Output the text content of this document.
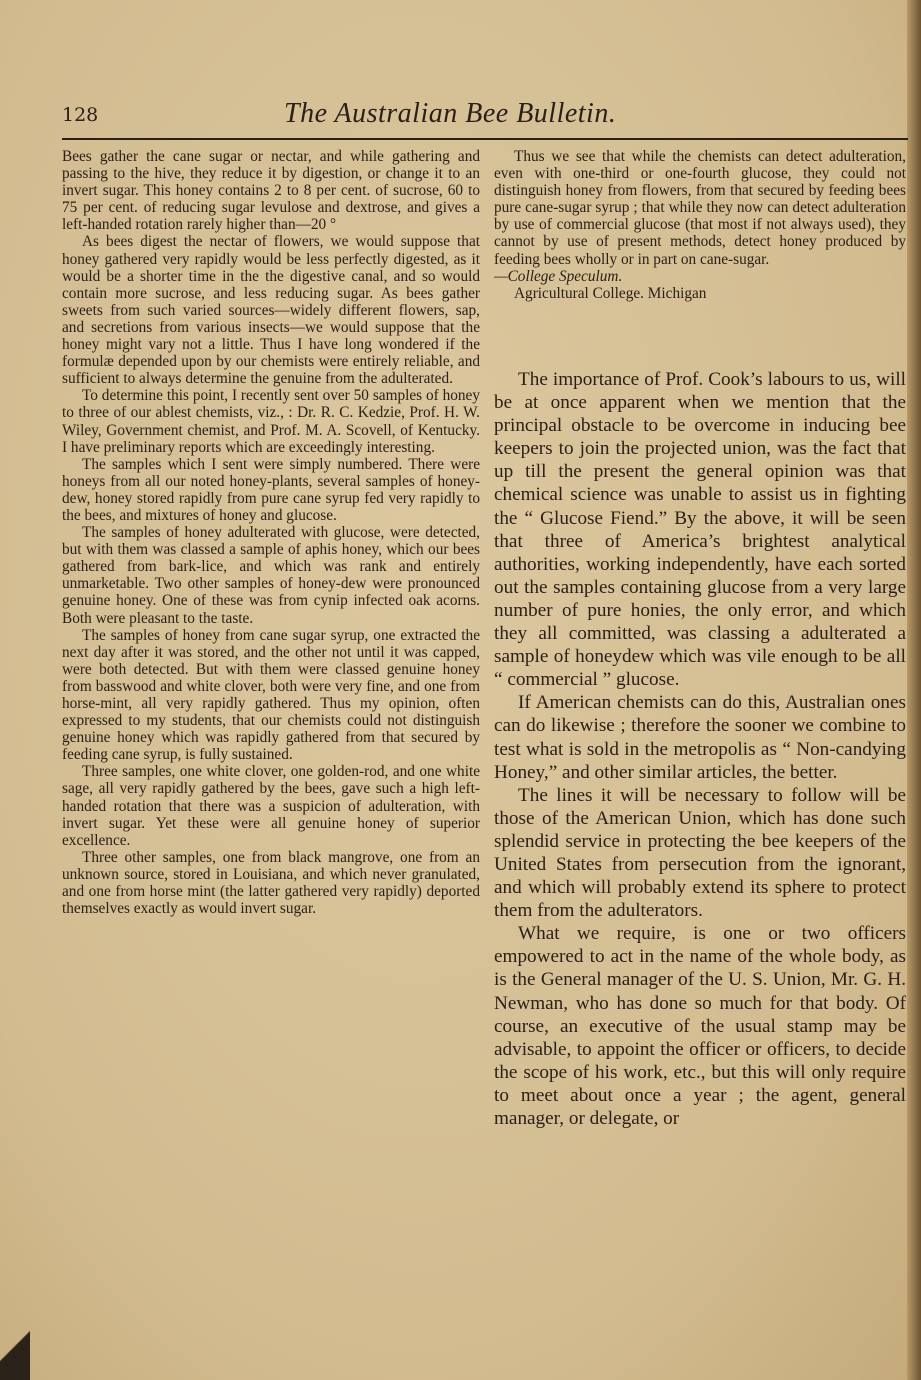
128	The Australian Bee Bulletin.

Bees gather the cane sugar or nectar, and while gathering and passing to the hive, they reduce it by digestion, or change it to an invert sugar. This honey contains 2 to 8 per cent. of sucrose, 60 to 75 per cent. of reducing sugar levulose and dextrose, and gives a left-handed rotation rarely higher than—20 °

As bees digest the nectar of flowers, we would suppose that honey gathered very rapidly would be less perfectly digested, as it would be a shorter time in the the digestive canal, and so would contain more sucrose, and less reducing sugar. As bees gather sweets from such varied sources—widely different flowers, sap, and secretions from various insects—we would suppose that the honey might vary not a little. Thus I have long wondered if the formulæ depended upon by our chemists were entirely reliable, and sufficient to always determine the genuine from the adulterated.

To determine this point, I recently sent over 50 samples of honey to three of our ablest chemists, viz., : Dr. R. C. Kedzie, Prof. H. W. Wiley, Government chemist, and Prof. M. A. Scovell, of Kentucky. I have preliminary reports which are exceedingly interesting.

The samples which I sent were simply numbered. There were honeys from all our noted honey-plants, several samples of honey-dew, honey stored rapidly from pure cane syrup fed very rapidly to the bees, and mixtures of honey and glucose.

The samples of honey adulterated with glucose, were detected, but with them was classed a sample of aphis honey, which our bees gathered from bark-lice, and which was rank and entirely unmarketable. Two other samples of honey-dew were pronounced genuine honey. One of these was from cynip infected oak acorns. Both were pleasant to the taste.

The samples of honey from cane sugar syrup, one extracted the next day after it was stored, and the other not until it was capped, were both detected. But with them were classed genuine honey from basswood and white clover, both were very fine, and one from horse-mint, all very rapidly gathered. Thus my opinion, often expressed to my students, that our chemists could not distinguish genuine honey which was rapidly gathered from that secured by feeding cane syrup, is fully sustained.

Three samples, one white clover, one golden-rod, and one white sage, all very rapidly gathered by the bees, gave such a high left-handed rotation that there was a suspicion of adulteration, with invert sugar. Yet these were all genuine honey of superior excellence.

Three other samples, one from black mangrove, one from an unknown source, stored in Louisiana, and which never granulated, and one from horse mint (the latter gathered very rapidly) deported themselves exactly as would invert sugar.

Thus we see that while the chemists can detect adulteration, even with one-third or one-fourth glucose, they could not distinguish honey from flowers, from that secured by feeding bees pure cane-sugar syrup ; that while they now can detect adulteration by use of commercial glucose (that most if not always used), they cannot by use of present methods, detect honey produced by feeding bees wholly or in part on cane-sugar.

—College Speculum.

Agricultural College. Michigan

The importance of Prof. Cook’s labours to us, will be at once apparent when we mention that the principal obstacle to be overcome in inducing bee keepers to join the projected union, was the fact that up till the present the general opinion was that chemical science was unable to assist us in fighting the “ Glucose Fiend.” By the above, it will be seen that three of America’s brightest analytical authorities, working independently, have each sorted out the samples containing glucose from a very large number of pure honies, the only error, and which they all committed, was classing a adulterated a sample of honeydew which was vile enough to be all “ commercial ” glucose.

If American chemists can do this, Australian ones can do likewise ; therefore the sooner we combine to test what is sold in the metropolis as “ Non-candying Honey,” and other similar articles, the better.

The lines it will be necessary to follow will be those of the American Union, which has done such splendid service in protecting the bee keepers of the United States from persecution from the ignorant, and which will probably extend its sphere to protect them from the adulterators.

What we require, is one or two officers empowered to act in the name of the whole body, as is the General manager of the U. S. Union, Mr. G. H. Newman, who has done so much for that body. Of course, an executive of the usual stamp may be advisable, to appoint the officer or officers, to decide the scope of his work, etc., but this will only require to meet about once a year ; the agent, general manager, or delegate, or
